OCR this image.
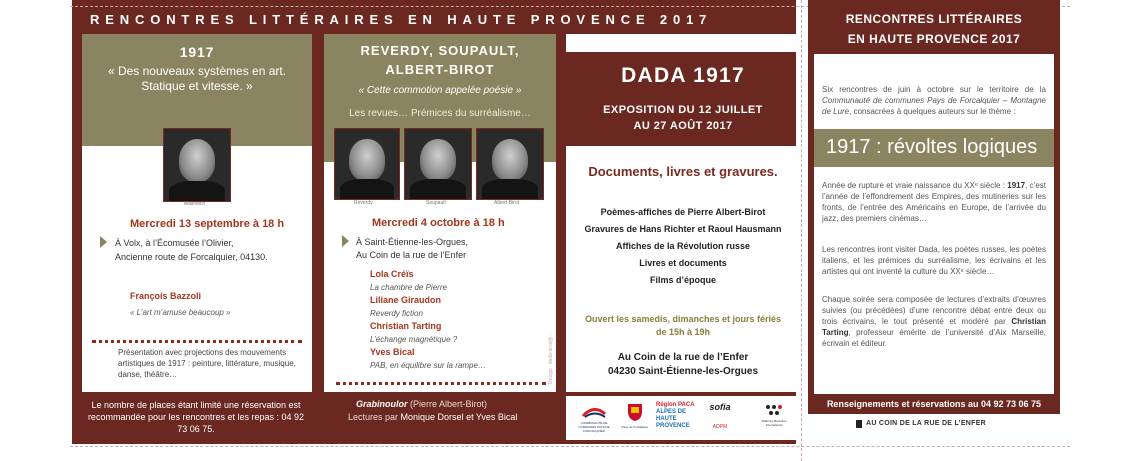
RENCONTRES LITTÉRAIRES EN HAUTE PROVENCE 2017
1917
« Des nouveaux systèmes en art. Statique et vitesse. »
Malevitch
Mercredi 13 septembre à 18 h
À Volx, à l’Écomusée l’Olivier,
Ancienne route de Forcalquier, 04130.
François Bazzoli
« L’art m’amuse beaucoup »
Présentation avec projections des mouvements artistiques de 1917 : peinture, littérature, musique, danse, théâtre…
REVERDY, SOUPAULT,
ALBERT-BIROT
« Cette commotion appelée poésie »
Les revues… Prémices du surréalisme…
Reverdy	Soupault	Albert-Birot
Mercredi 4 octobre à 18 h
À Saint-Étienne-les-Orgues,
Au Coin de la rue de l’Enfer
Lola Créïs
La chambre de Pierre
Liliane Giraudon
Reverdy fiction
Christian Tarting
L’échange magnétique ?
Yves Bical
PAB, en équilibre sur la rampe…
Grabinoulor (Pierre Albert-Birot)
Lectures par Monique Dorsel et Yves Bical
Design : dada-birot@...
Le nombre de places étant limité une réservation est recommandée pour les rencontres et les repas : 04 92 73 06 75.
DADA 1917
EXPOSITION DU 12 JUILLET
AU 27 AOÛT 2017
Documents, livres et gravures.
Poèmes-affiches de Pierre Albert-Birot
Gravures de Hans Richter et Raoul Hausmann
Affiches de la Révolution russe
Livres et documents
Films d’époque
Ouvert les samedis, dimanches et jours fériés
de 15h à 19h
Au Coin de la rue de l’Enfer
04230 Saint-Étienne-les-Orgues
COMMUNAUTÉ DE COMMUNES PAYS DE FORCALQUIER
Pays de Forcalquier
Région PACA
ALPES DE HAUTE PROVENCE
sofia
ADPM
Wallonie-Bruxelles International
RENCONTRES LITTÉRAIRES
EN HAUTE PROVENCE 2017
Six rencontres de juin à octobre sur le territoire de la Communauté de communes Pays de Forcalquier – Montagne de Lure, consacrées à quelques auteurs sur le thème :
1917 : révoltes logiques
Année de rupture et vraie naissance du XXᵉ siècle : 1917, c’est l’année de l’effondrement des Empires, des mutineries sur les fronts, de l’entrée des Américains en Europe, de l’arrivée du jazz, des premiers cinémas…
Les rencontres iront visiter Dada, les poètes russes, les poètes italiens, et les prémices du surréalisme, les écrivains et les artistes qui ont inventé la culture du XXᵉ siècle…
Chaque soirée sera composée de lectures d’extraits d’œuvres suivies (ou précédées) d’une rencontre débat entre deux ou trois écrivains, le tout présenté et modéré par Christian Tarting, professeur émérite de l’université d’Aix Marseille, écrivain et éditeur.
Renseignements et réservations au 04 92 73 06 75
AU COIN DE LA RUE DE L’ENFER
